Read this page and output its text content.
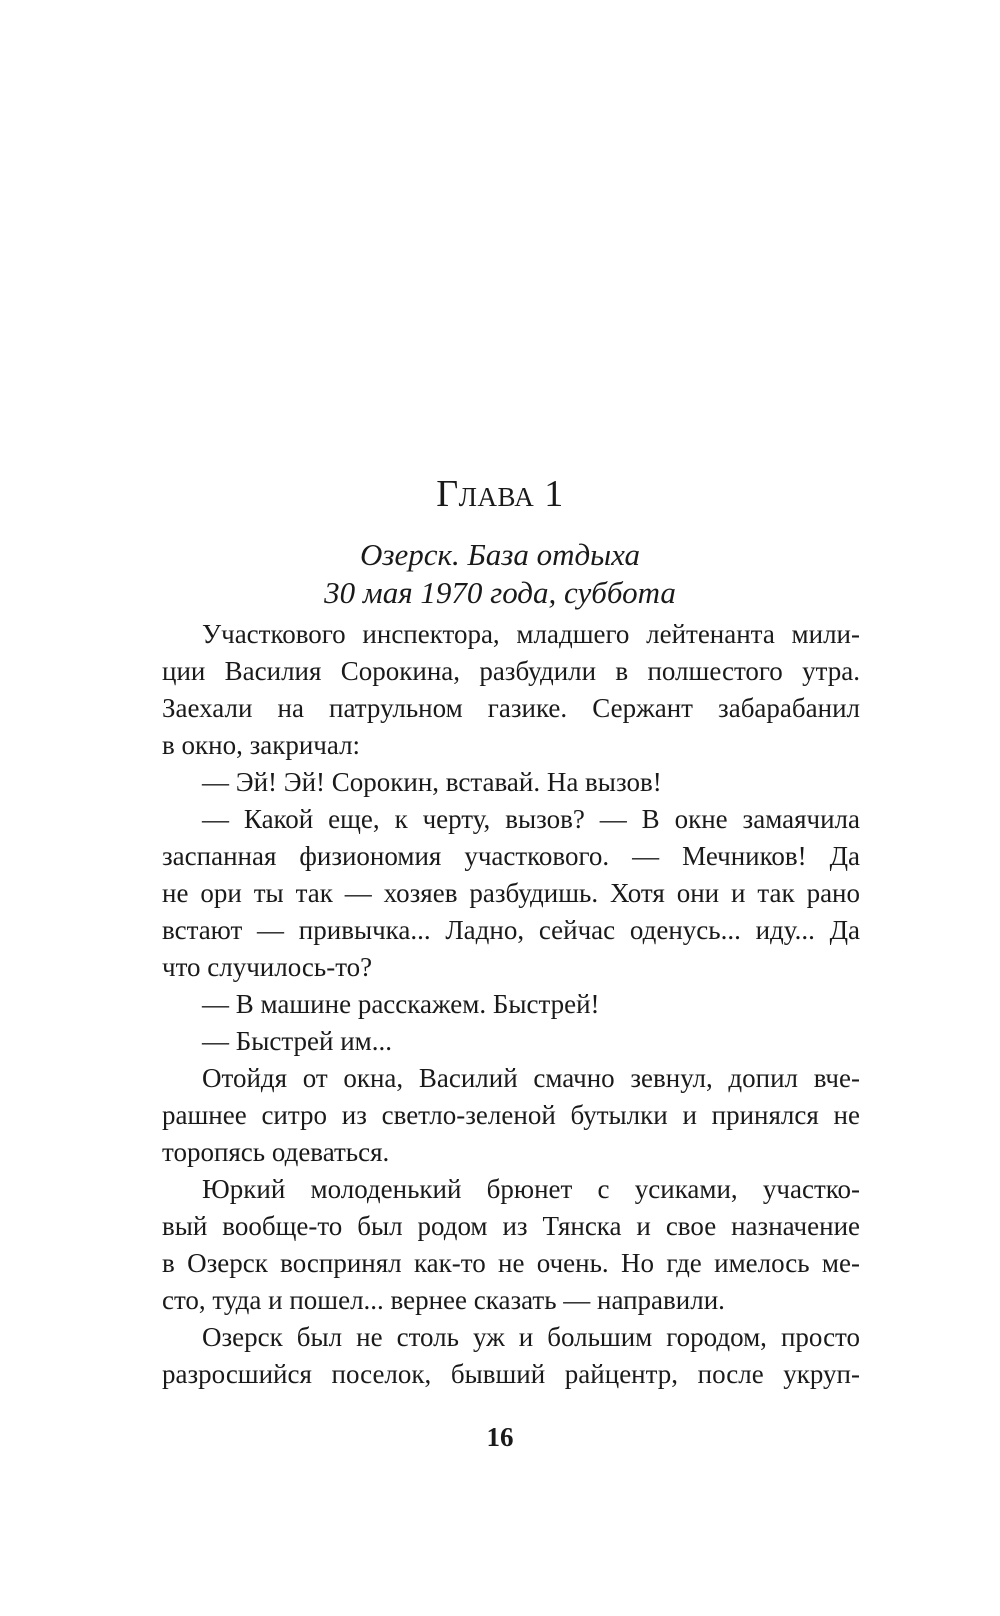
Глава 1
Озерск. База отдыха
30 мая 1970 года, суббота
Участкового инспектора, младшего лейтенанта мили-
ции Василия Сорокина, разбудили в полшестого утра.
Заехали на патрульном газике. Сержант забарабанил
в окно, закричал:
— Эй! Эй! Сорокин, вставай. На вызов!
— Какой еще, к черту, вызов? — В окне замаячила
заспанная физиономия участкового. — Мечников! Да
не ори ты так — хозяев разбудишь. Хотя они и так рано
встают — привычка... Ладно, сейчас оденусь... иду... Да
что случилось-то?
— В машине расскажем. Быстрей!
— Быстрей им...
Отойдя от окна, Василий смачно зевнул, допил вче-
рашнее ситро из светло-зеленой бутылки и принялся не
торопясь одеваться.
Юркий молоденький брюнет с усиками, участко-
вый вообще-то был родом из Тянска и свое назначение
в Озерск воспринял как-то не очень. Но где имелось ме-
сто, туда и пошел... вернее сказать — направили.
Озерск был не столь уж и большим городом, просто
разросшийся поселок, бывший райцентр, после укруп-
16
